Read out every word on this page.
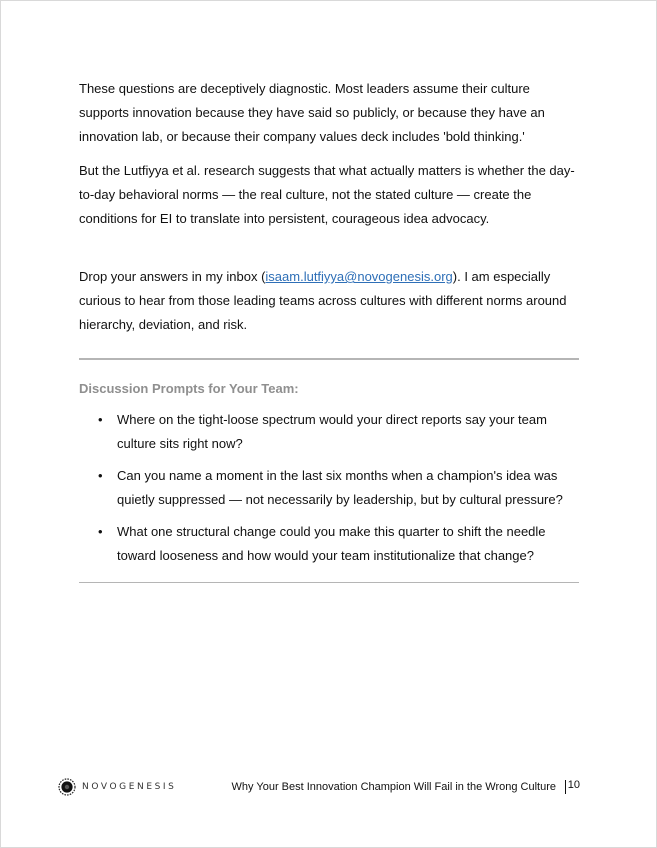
These questions are deceptively diagnostic. Most leaders assume their culture supports innovation because they have said so publicly, or because they have an innovation lab, or because their company values deck includes 'bold thinking.'

But the Lutfiyya et al. research suggests that what actually matters is whether the day-to-day behavioral norms — the real culture, not the stated culture — create the conditions for EI to translate into persistent, courageous idea advocacy.

Drop your answers in my inbox (isaam.lutfiyya@novogenesis.org). I am especially curious to hear from those leading teams across cultures with different norms around hierarchy, deviation, and risk.

Discussion Prompts for Your Team:
• Where on the tight-loose spectrum would your direct reports say your team culture sits right now?
• Can you name a moment in the last six months when a champion's idea was quietly suppressed — not necessarily by leadership, but by cultural pressure?
• What one structural change could you make this quarter to shift the needle toward looseness and how would your team institutionalize that change?
NOVOGENESIS	Why Your Best Innovation Champion Will Fail in the Wrong Culture 10
